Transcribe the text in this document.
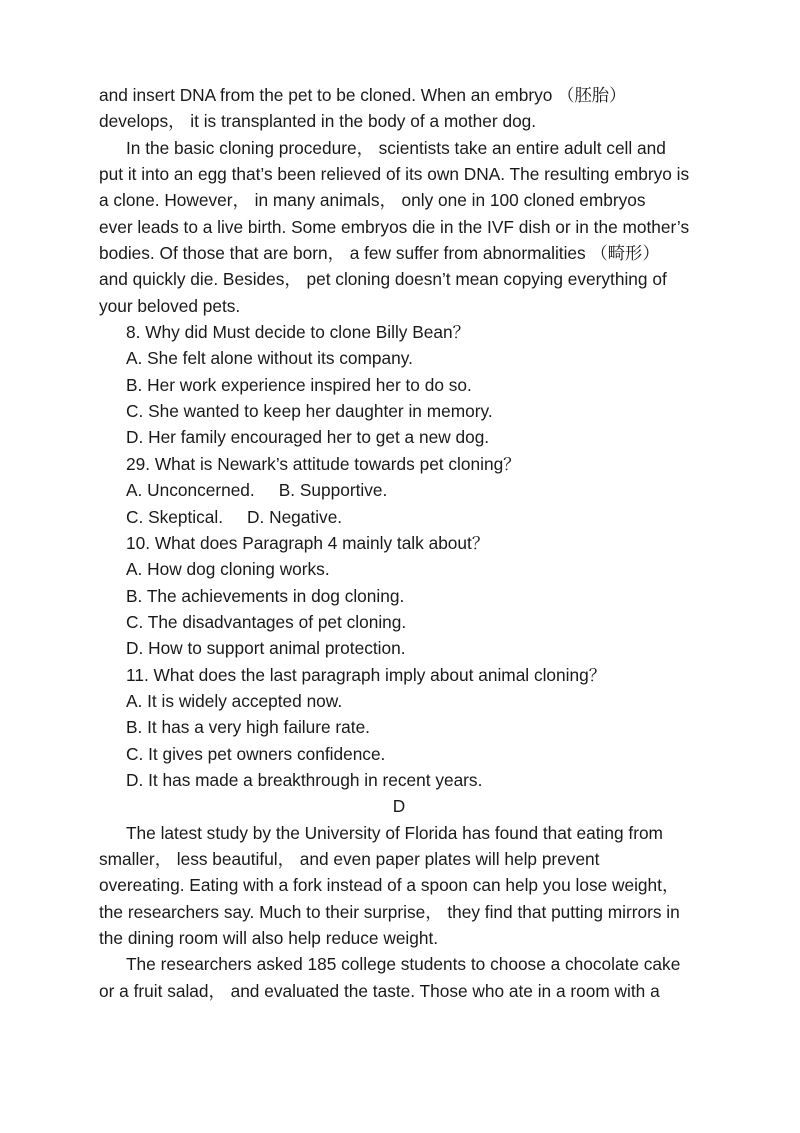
and insert DNA from the pet to be cloned. When an embryo （胚胎）
develops， it is transplanted in the body of a mother dog.
In the basic cloning procedure， scientists take an entire adult cell and
put it into an egg that’s been relieved of its own DNA. The resulting embryo is
a clone. However， in many animals， only one in 100 cloned embryos
ever leads to a live birth. Some embryos die in the IVF dish or in the mother’s
bodies. Of those that are born， a few suffer from abnormalities （畸形）
and quickly die. Besides， pet cloning doesn’t mean copying everything of
your beloved pets.
8. Why did Must decide to clone Billy Bean？
A. She felt alone without its company.
B. Her work experience inspired her to do so.
C. She wanted to keep her daughter in memory.
D. Her family encouraged her to get a new dog.
29. What is Newark’s attitude towards pet cloning？
A. Unconcerned.     B. Supportive.
C. Skeptical.     D. Negative.
10. What does Paragraph 4 mainly talk about？
A. How dog cloning works.
B. The achievements in dog cloning.
C. The disadvantages of pet cloning.
D. How to support animal protection.
11. What does the last paragraph imply about animal cloning？
A. It is widely accepted now.
B. It has a very high failure rate.
C. It gives pet owners confidence.
D. It has made a breakthrough in recent years.
D
The latest study by the University of Florida has found that eating from
smaller， less beautiful， and even paper plates will help prevent
overeating. Eating with a fork instead of a spoon can help you lose weight，
the researchers say. Much to their surprise， they find that putting mirrors in
the dining room will also help reduce weight.
The researchers asked 185 college students to choose a chocolate cake
or a fruit salad， and evaluated the taste. Those who ate in a room with a
